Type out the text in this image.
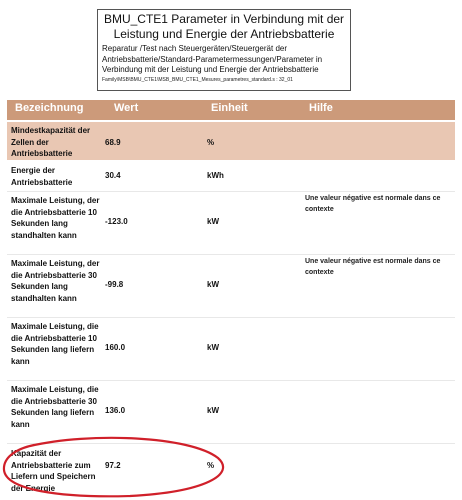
BMU_CTE1 Parameter in Verbindung mit der
Leistung und Energie der Antriebsbatterie
Reparatur /Test nach Steuergeräten/Steuergerät der Antriebsbatterie/Standard-Parametermessungen/Parameter in Verbindung mit der Leistung und Energie der Antriebsbatterie
Family\MSB\BMU_CTE1\MSB_BMU_CTE1_Mesures_parametres_standard.s : 32_01
Bezeichnung	Wert	Einheit	Hilfe
Mindestkapazität der Zellen der Antriebsbatterie
68.9	%
Energie der Antriebsbatterie
30.4	kWh
Maximale Leistung, der die Antriebsbatterie 10 Sekunden lang standhalten kann
-123.0	kW
Une valeur négative est normale dans ce contexte
Maximale Leistung, der die Antriebsbatterie 30 Sekunden lang standhalten kann
-99.8	kW
Une valeur négative est normale dans ce contexte
Maximale Leistung, die die Antriebsbatterie 10 Sekunden lang liefern kann
160.0	kW
Maximale Leistung, die die Antriebsbatterie 30 Sekunden lang liefern kann
136.0	kW
Kapazität der Antriebsbatterie zum Liefern und Speichern der Energie
97.2	%
